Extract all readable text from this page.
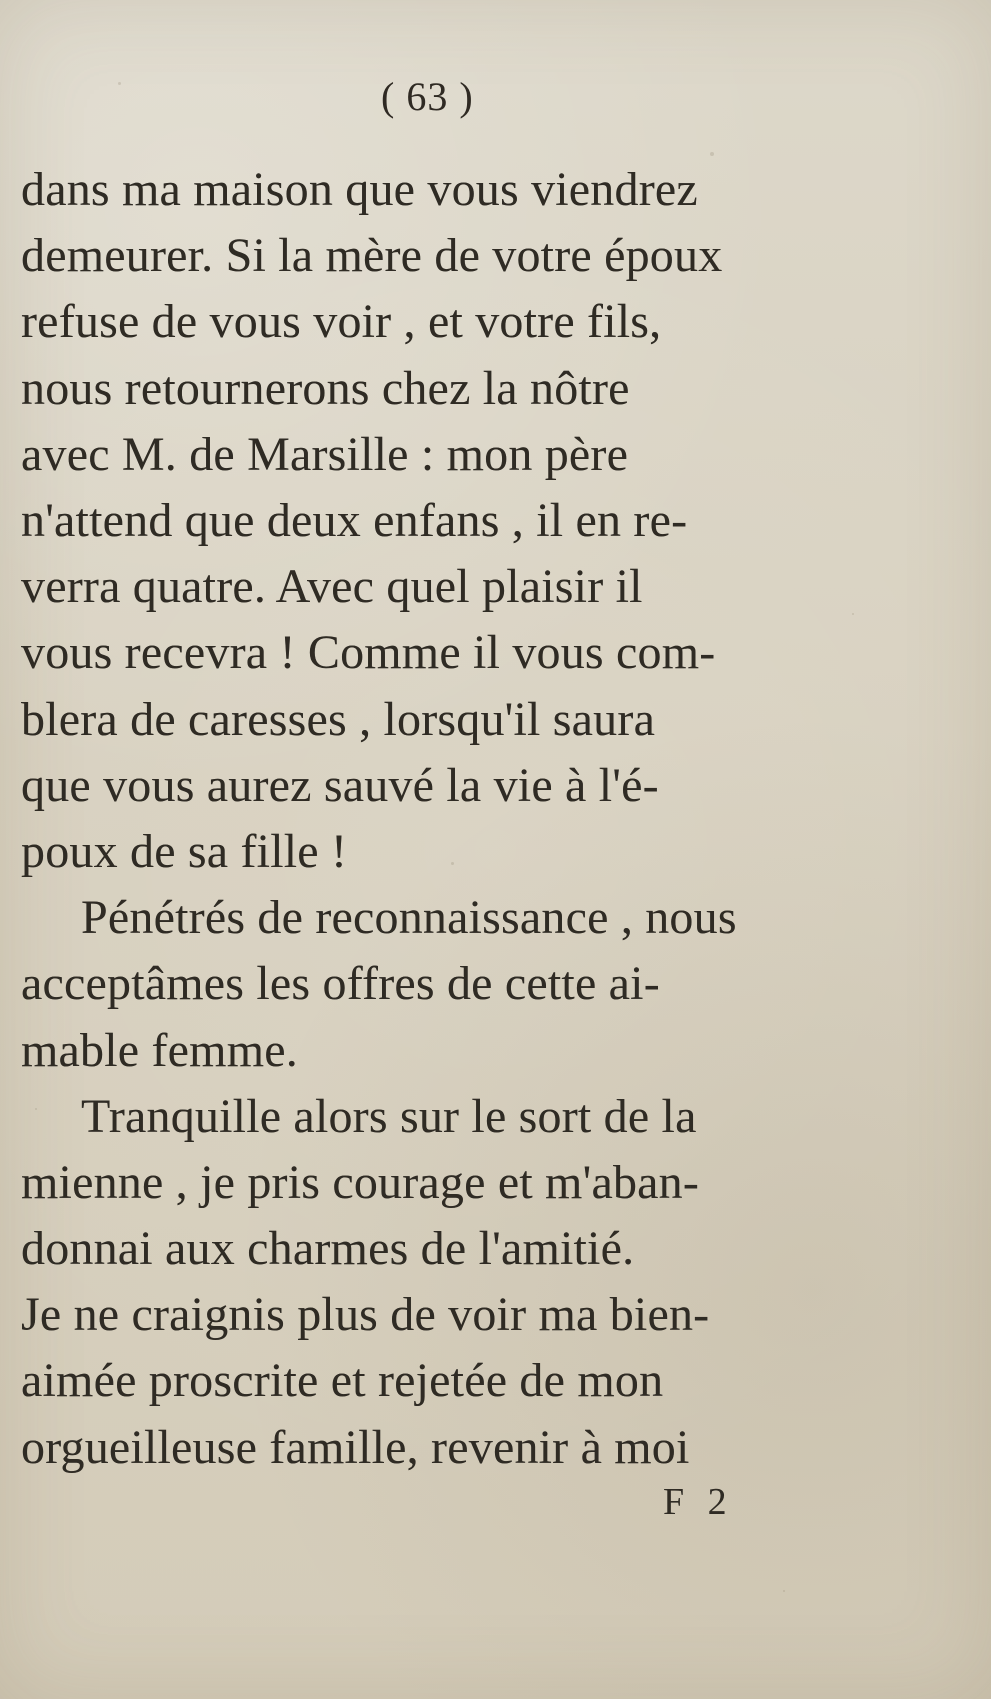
( 63 )
dans ma maison que vous viendrez
demeurer. Si la mère de votre époux
refuse de vous voir , et votre fils,
nous retournerons chez la nôtre
avec M. de Marsille : mon père
n'attend que deux enfans , il en re-
verra quatre. Avec quel plaisir il
vous recevra ! Comme il vous com-
blera de caresses , lorsqu'il saura
que vous aurez sauvé la vie à l'é-
poux de sa fille !
Pénétrés de reconnaissance , nous
acceptâmes les offres de cette ai-
mable femme.
Tranquille alors sur le sort de la
mienne , je pris courage et m'aban-
donnai aux charmes de l'amitié.
Je ne craignis plus de voir ma bien-
aimée proscrite et rejetée de mon
orgueilleuse famille, revenir à moi
F 2
